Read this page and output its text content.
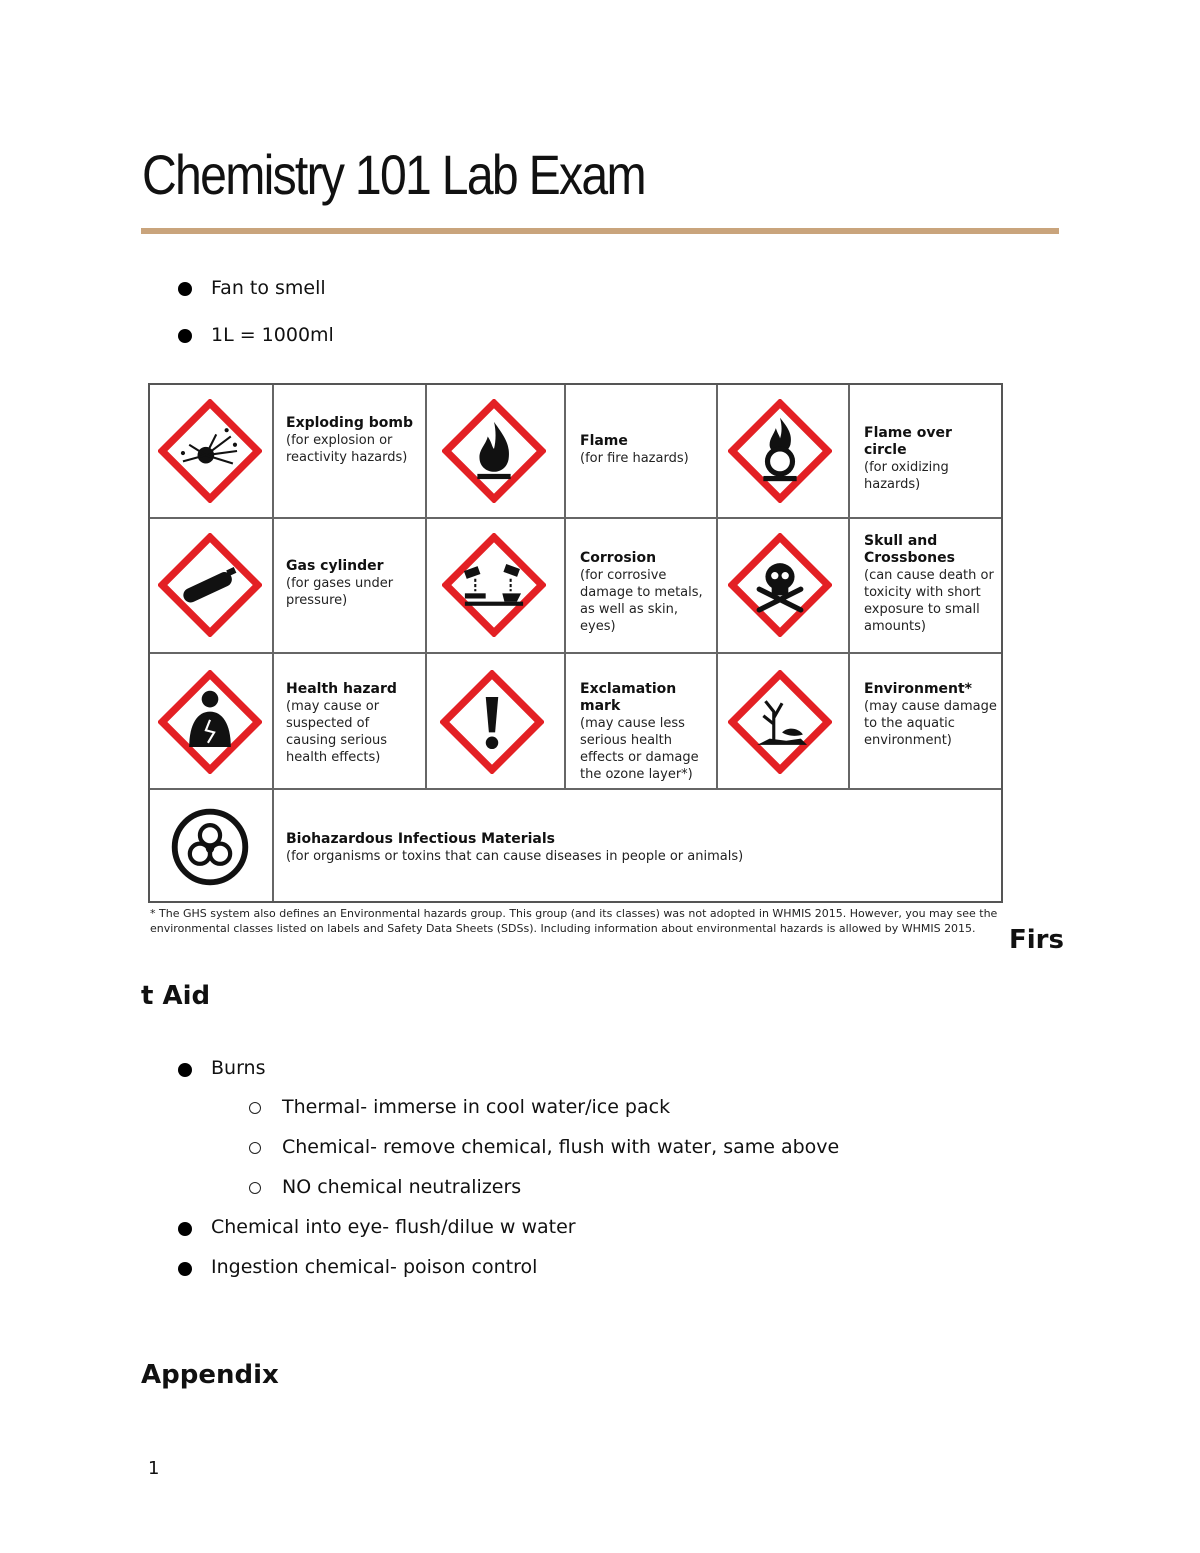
Chemistry 101 Lab Exam
Fan to smell
1L = 1000ml
Exploding bomb
(for explosion or reactivity hazards)
Flame
(for fire hazards)
Flame over circle
(for oxidizing hazards)
Gas cylinder
(for gases under pressure)
Corrosion
(for corrosive damage to metals, as well as skin, eyes)
Skull and Crossbones
(can cause death or toxicity with short exposure to small amounts)
Health hazard
(may cause or suspected of causing serious health effects)
Exclamation mark
(may cause less serious health effects or damage the ozone layer*)
Environment*
(may cause damage to the aquatic environment)
Biohazardous Infectious Materials
(for organisms or toxins that can cause diseases in people or animals)
* The GHS system also defines an Environmental hazards group. This group (and its classes) was not adopted in WHMIS 2015. However, you may see the environmental classes listed on labels and Safety Data Sheets (SDSs). Including information about environmental hazards is allowed by WHMIS 2015.	Firs
t Aid
Burns
Thermal- immerse in cool water/ice pack
Chemical- remove chemical, flush with water, same above
NO chemical neutralizers
Chemical into eye- flush/dilue w water
Ingestion chemical- poison control
Appendix
1
